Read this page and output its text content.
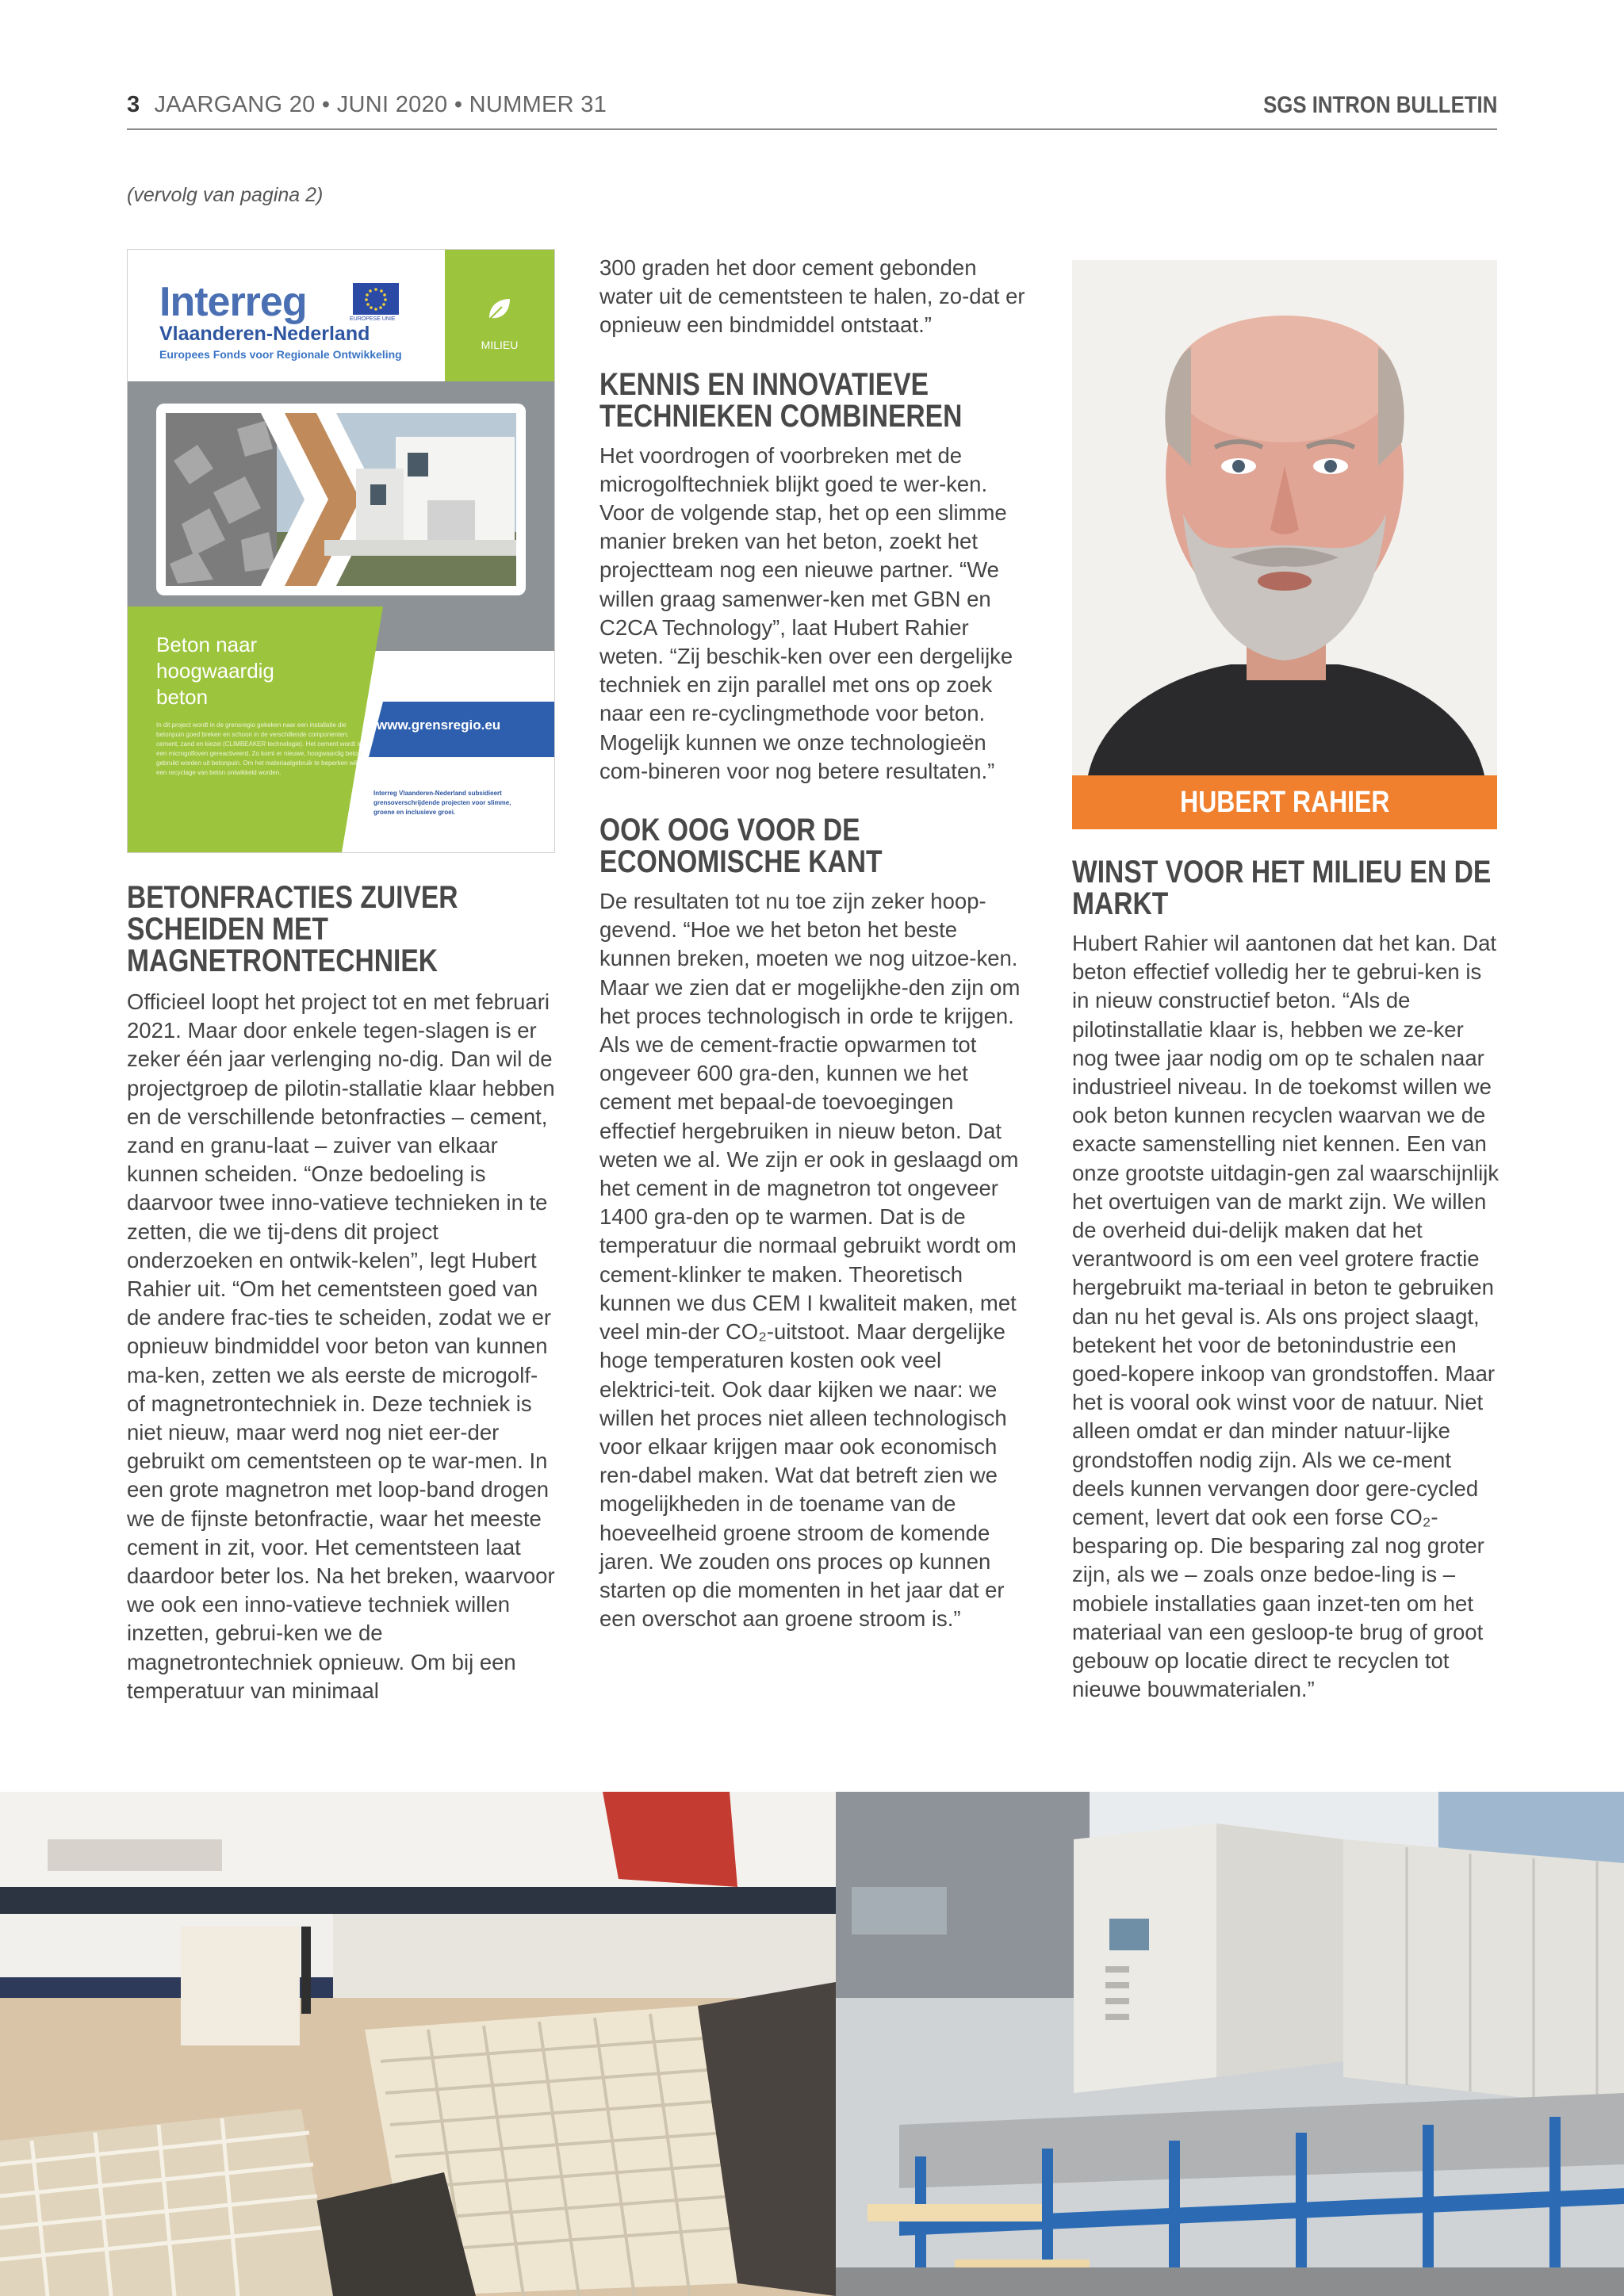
3 JAARGANG 20 • JUNI 2020 • NUMMER 31	SGS INTRON BULLETIN
(vervolg van pagina 2)
MILIEU
Interreg	EUROPESE UNIE
Vlaanderen-Nederland
Europees Fonds voor Regionale Ontwikkeling
Beton naar
hoogwaardig
beton
In dit project wordt in de grensregio gekeken naar een installatie die betonpuin goed breken en schoon in de verschillende componenten; cement, zand en kiezel (CLIMBEAKER technologie). Het cement wordt in een microgolfoven gereactiveerd. Zo komt er nieuwe, hoogwaardig beton gebruikt worden uit betonpuin. Om het materiaalgebruik te beperken wil een recyclage van beton ontwikkeld worden.
www.grensregio.eu
Interreg Vlaanderen-Nederland subsidieert grensoverschrijdende projecten voor slimme, groene en inclusieve groei.
BETONFRACTIES ZUIVER SCHEIDEN MET MAGNETRONTECHNIEK

Officieel loopt het project tot en met februari 2021. Maar door enkele tegen-slagen is er zeker één jaar verlenging no-dig. Dan wil de projectgroep de pilotin-stallatie klaar hebben en de verschillende betonfracties – cement, zand en granu-laat – zuiver van elkaar kunnen scheiden. “Onze bedoeling is daarvoor twee inno-vatieve technieken in te zetten, die we tij-dens dit project onderzoeken en ontwik-kelen”, legt Hubert Rahier uit. “Om het cementsteen goed van de andere frac-ties te scheiden, zodat we er opnieuw bindmiddel voor beton van kunnen ma-ken, zetten we als eerste de microgolf-of magnetrontechniek in. Deze techniek is niet nieuw, maar werd nog niet eer-der gebruikt om cementsteen op te war-men. In een grote magnetron met loop-band drogen we de fijnste betonfractie, waar het meeste cement in zit, voor. Het cementsteen laat daardoor beter los. Na het breken, waarvoor we ook een inno-vatieve techniek willen inzetten, gebrui-ken we de magnetrontechniek opnieuw. Om bij een temperatuur van minimaal

300 graden het door cement gebonden water uit de cementsteen te halen, zo-dat er opnieuw een bindmiddel ontstaat.”

KENNIS EN INNOVATIEVE TECHNIEKEN COMBINEREN

Het voordrogen of voorbreken met de microgolftechniek blijkt goed te wer-ken. Voor de volgende stap, het op een slimme manier breken van het beton, zoekt het projectteam nog een nieuwe partner. “We willen graag samenwer-ken met GBN en C2CA Technology”, laat Hubert Rahier weten. “Zij beschik-ken over een dergelijke techniek en zijn parallel met ons op zoek naar een re-cyclingmethode voor beton. Mogelijk kunnen we onze technologieën com-bineren voor nog betere resultaten.”

OOK OOG VOOR DE ECONOMISCHE KANT

De resultaten tot nu toe zijn zeker hoop-gevend. “Hoe we het beton het beste kunnen breken, moeten we nog uitzoe-ken. Maar we zien dat er mogelijkhe-den zijn om het proces technologisch in orde te krijgen. Als we de cement-fractie opwarmen tot ongeveer 600 gra-den, kunnen we het cement met bepaal-de toevoegingen effectief hergebruiken in nieuw beton. Dat weten we al. We zijn er ook in geslaagd om het cement in de magnetron tot ongeveer 1400 gra-den op te warmen. Dat is de temperatuur die normaal gebruikt wordt om cement-klinker te maken. Theoretisch kunnen we dus CEM I kwaliteit maken, met veel min-der CO₂-uitstoot. Maar dergelijke hoge temperaturen kosten ook veel elektrici-teit. Ook daar kijken we naar: we willen het proces niet alleen technologisch voor elkaar krijgen maar ook economisch ren-dabel maken. Wat dat betreft zien we mogelijkheden in de toename van de hoeveelheid groene stroom de komende jaren. We zouden ons proces op kunnen starten op die momenten in het jaar dat er een overschot aan groene stroom is.”

HUBERT RAHIER
WINST VOOR HET MILIEU EN DE MARKT

Hubert Rahier wil aantonen dat het kan. Dat beton effectief volledig her te gebrui-ken is in nieuw constructief beton. “Als de pilotinstallatie klaar is, hebben we ze-ker nog twee jaar nodig om op te schalen naar industrieel niveau. In de toekomst willen we ook beton kunnen recyclen waarvan we de exacte samenstelling niet kennen. Een van onze grootste uitdagin-gen zal waarschijnlijk het overtuigen van de markt zijn. We willen de overheid dui-delijk maken dat het verantwoord is om een veel grotere fractie hergebruikt ma-teriaal in beton te gebruiken dan nu het geval is. Als ons project slaagt, betekent het voor de betonindustrie een goed-kopere inkoop van grondstoffen. Maar het is vooral ook winst voor de natuur. Niet alleen omdat er dan minder natuur-lijke grondstoffen nodig zijn. Als we ce-ment deels kunnen vervangen door gere-cycled cement, levert dat ook een forse CO₂-besparing op. Die besparing zal nog groter zijn, als we – zoals onze bedoe-ling is – mobiele installaties gaan inzet-ten om het materiaal van een gesloop-te brug of groot gebouw op locatie direct te recyclen tot nieuwe bouwmaterialen.”
